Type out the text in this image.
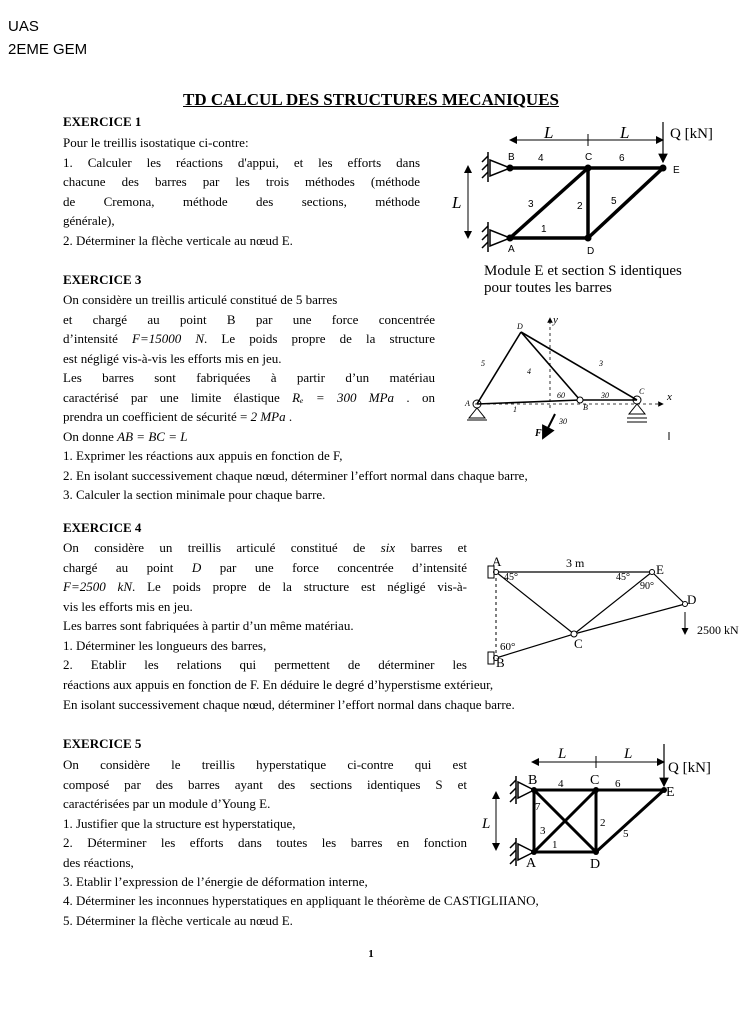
UAS
2EME GEM
TD CALCUL DES STRUCTURES MECANIQUES
EXERCICE 1

Pour le treillis isostatique ci-contre:

1. Calculer les réactions d'appui, et les efforts dans

chacune des barres par les trois méthodes (méthode

de Cremona, méthode des sections, méthode

générale),

2. Déterminer la flèche verticale au nœud E.

L	L
L
Q [kN]
B	C
E
A	D
1
2
3
4
5
6
Module E et section S identiques
pour toutes les barres
EXERCICE 3

On considère un treillis articulé constitué de 5 barres

et chargé au point B par une force concentrée

d’intensité F=15000 N. Le poids propre de la structure

est négligé vis-à-vis les efforts mis en jeu.

Les barres sont fabriquées à partir d’un matériau

caractérisé par une limite élastique Rₑ = 300 MPa . on

prendra un coefficient de sécurité = 2 MPa .

On donne AB = BC = L

1. Exprimer les réactions aux appuis en fonction de F,

2. En isolant successivement chaque nœud, déterminer l’effort normal dans chaque barre,

3. Calculer la section minimale pour chaque barre.

y
x
F
A	B
C
D
1
3
4
5
60	30
30
EXERCICE 4

On considère un treillis articulé constitué de six barres et

chargé au point D par une force concentrée d’intensité

F=2500 kN. Le poids propre de la structure est négligé vis-à-

vis les efforts mis en jeu.

Les barres sont fabriquées à partir d’un même matériau.

1. Déterminer les longueurs des barres,

2. Etablir les relations qui permettent de déterminer les

réactions aux appuis en fonction de F. En déduire le degré d’hyperstisme extérieur,

En isolant successivement chaque nœud, déterminer l’effort normal dans chaque barre.

3 m
A
E
D
C
B
45°	45°
90°
60°
2500 kN
EXERCICE 5

On considère le treillis hyperstatique ci-contre qui est

composé par des barres ayant des sections identiques S et

caractérisées par un module d’Young E.

1. Justifier que la structure est hyperstatique,

2. Déterminer les efforts dans toutes les barres en fonction

des réactions,

3. Etablir l’expression de l’énergie de déformation interne,

4. Déterminer les inconnues hyperstatiques en appliquant le théorème de CASTIGLIIANO,

5. Déterminer la flèche verticale au nœud E.

L	L
L
Q [kN]
B	C
E
A	D
1
2
3
4
5
6
7
1
